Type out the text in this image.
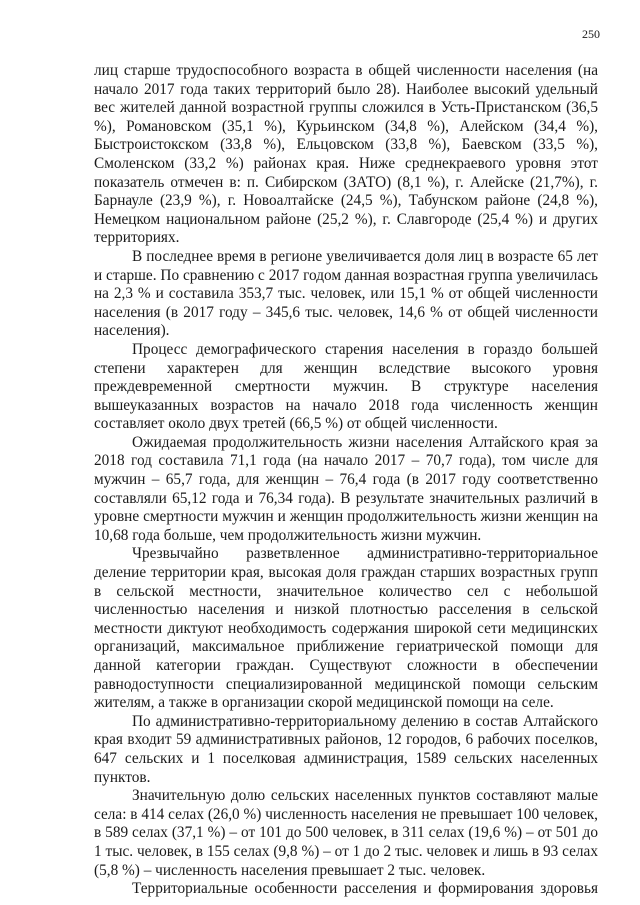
250

лиц старше трудоспособного возраста в общей численности населения (на начало 2017 года таких территорий было 28). Наиболее высокий удельный вес жителей данной возрастной группы сложился в Усть-Пристанском (36,5 %), Романовском (35,1 %), Курьинском (34,8 %), Алейском (34,4 %), Быстроистокском (33,8 %), Ельцовском (33,8 %), Баевском (33,5 %), Смоленском (33,2 %) районах края. Ниже среднекраевого уровня этот показатель отмечен в: п. Сибирском (ЗАТО) (8,1 %), г. Алейске (21,7%), г. Барнауле (23,9 %), г. Новоалтайске (24,5 %), Табунском районе (24,8 %), Немецком национальном районе (25,2 %), г. Славгороде (25,4 %) и других территориях.

В последнее время в регионе увеличивается доля лиц в возрасте 65 лет и старше. По сравнению с 2017 годом данная возрастная группа увеличилась на 2,3 % и составила 353,7 тыс. человек, или 15,1 % от общей численности населения (в 2017 году – 345,6 тыс. человек, 14,6 % от общей численности населения).

Процесс демографического старения населения в гораздо большей степени характерен для женщин вследствие высокого уровня преждевременной смертности мужчин. В структуре населения вышеуказанных возрастов на начало 2018 года численность женщин составляет около двух третей (66,5 %) от общей численности.

Ожидаемая продолжительность жизни населения Алтайского края за 2018 год составила 71,1 года (на начало 2017 – 70,7 года), том числе для мужчин – 65,7 года, для женщин – 76,4 года (в 2017 году соответственно составляли 65,12 года и 76,34 года). В результате значительных различий в уровне смертности мужчин и женщин продолжительность жизни женщин на 10,68 года больше, чем продолжительность жизни мужчин.

Чрезвычайно разветвленное административно-территориальное деление территории края, высокая доля граждан старших возрастных групп в сельской местности, значительное количество сел с небольшой численностью населения и низкой плотностью расселения в сельской местности диктуют необходимость содержания широкой сети медицинских организаций, максимальное приближение гериатрической помощи для данной категории граждан. Существуют сложности в обеспечении равнодоступности специализированной медицинской помощи сельским жителям, а также в организации скорой медицинской помощи на селе.

По административно-территориальному делению в состав Алтайского края входит 59 административных районов, 12 городов, 6 рабочих поселков, 647 сельских и 1 поселковая администрация, 1589 сельских населенных пунктов.

Значительную долю сельских населенных пунктов составляют малые села: в 414 селах (26,0 %) численность населения не превышает 100 человек, в 589 селах (37,1 %) – от 101 до 500 человек, в 311 селах (19,6 %) – от 501 до 1 тыс. человек, в 155 селах (9,8 %) – от 1 до 2 тыс. человек и лишь в 93 селах (5,8 %) – численность населения превышает 2 тыс. человек.

Территориальные особенности расселения и формирования здоровья
